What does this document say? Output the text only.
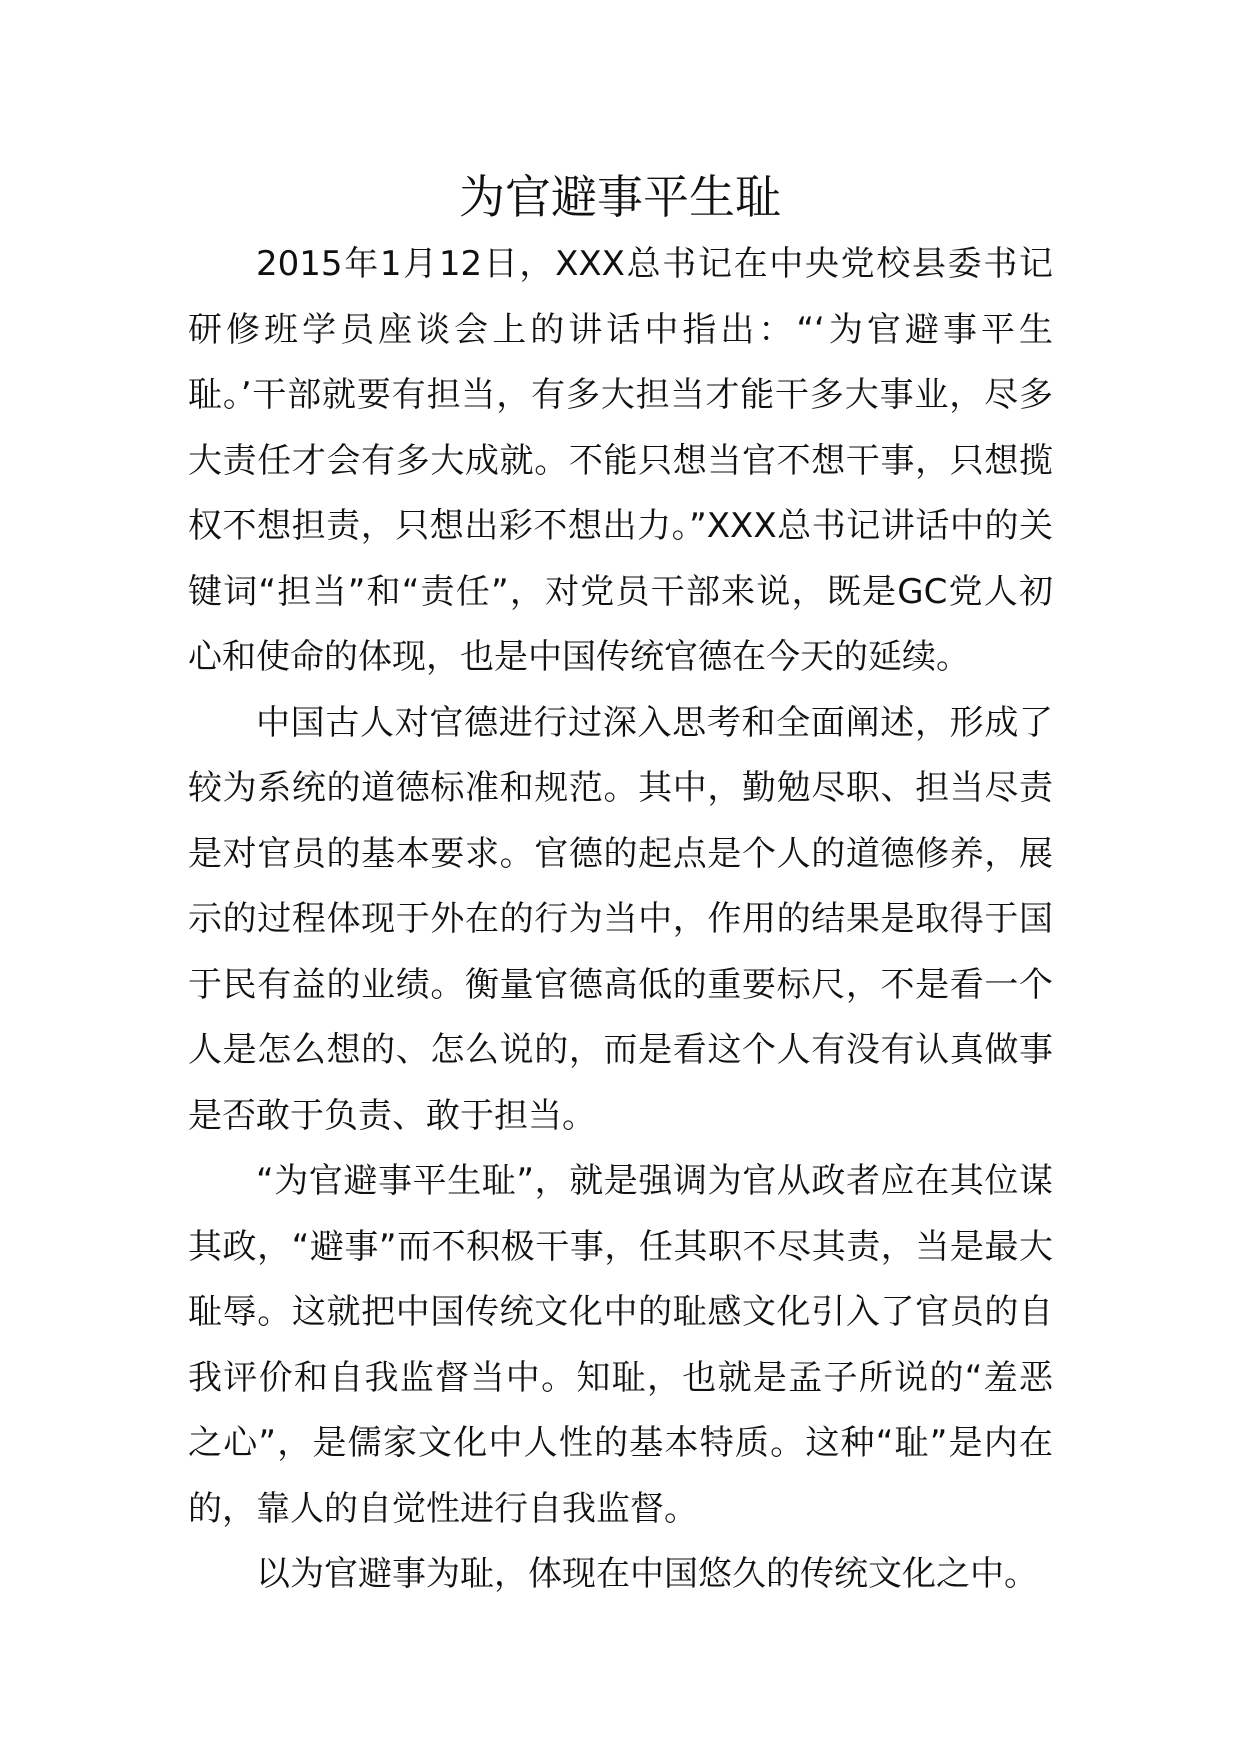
为官避事平生耻

2015年1月12日，XXX总书记在中央党校县委书记研修班学员座谈会上的讲话中指出：“‘为官避事平生耻。’干部就要有担当，有多大担当才能干多大事业，尽多大责任才会有多大成就。不能只想当官不想干事，只想揽权不想担责，只想出彩不想出力。”XXX总书记讲话中的关键词“担当”和“责任”，对党员干部来说，既是GC党人初心和使命的体现，也是中国传统官德在今天的延续。

中国古人对官德进行过深入思考和全面阐述，形成了较为系统的道德标准和规范。其中，勤勉尽职、担当尽责是对官员的基本要求。官德的起点是个人的道德修养，展示的过程体现于外在的行为当中，作用的结果是取得于国于民有益的业绩。衡量官德高低的重要标尺，不是看一个人是怎么想的、怎么说的，而是看这个人有没有认真做事是否敢于负责、敢于担当。

“为官避事平生耻”，就是强调为官从政者应在其位谋其政，“避事”而不积极干事，任其职不尽其责，当是最大耻辱。这就把中国传统文化中的耻感文化引入了官员的自我评价和自我监督当中。知耻，也就是孟子所说的“羞恶之心”，是儒家文化中人性的基本特质。这种“耻”是内在的，靠人的自觉性进行自我监督。

以为官避事为耻，体现在中国悠久的传统文化之中。
